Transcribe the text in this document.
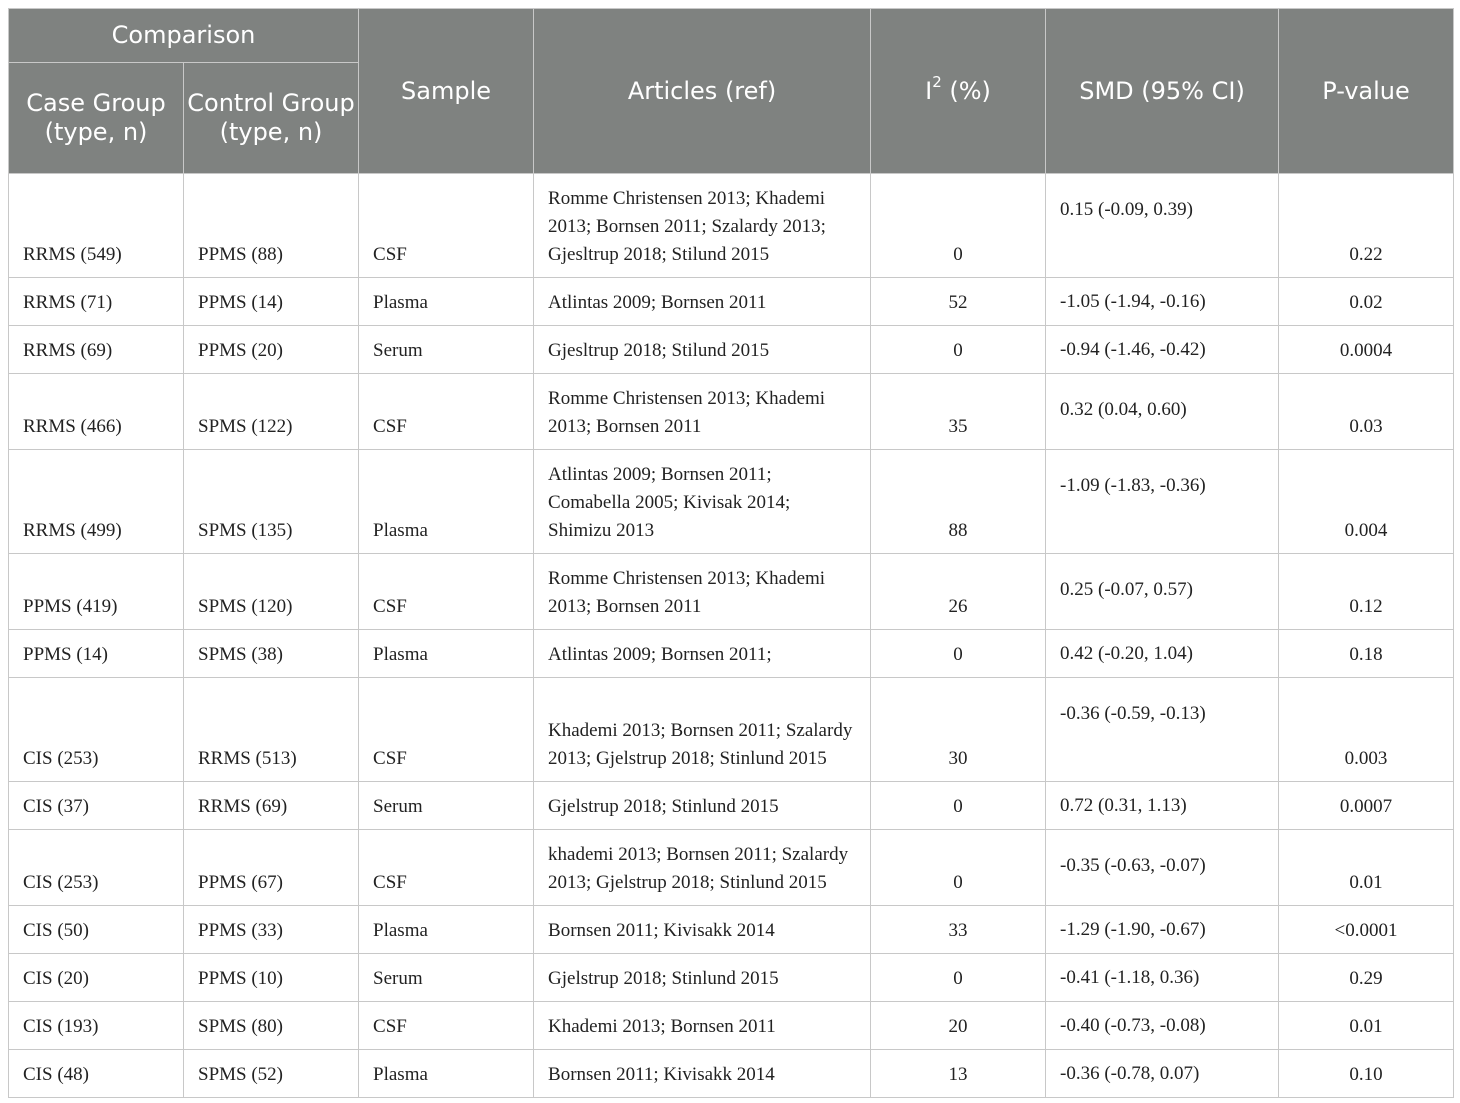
Comparison		Sample	Articles (ref)	$I^2$ (%)	SMD (95% CI)	P-value
Case Group (type, n)	Control Group (type, n)					
RRMS (549)	PPMS (88)	CSF	Romme Christensen 2013; Khademi 2013; Bornsen 2011; Szalardy 2013; Gjesltrup 2018; Stilund 2015	0	0.15 (-0.09, 0.39)	0.22
RRMS (71)	PPMS (14)	Plasma	Atlintas 2009; Bornsen 2011	52	-1.05 (-1.94, -0.16)	0.02
RRMS (69)	PPMS (20)	Serum	Gjesltrup 2018; Stilund 2015	0	-0.94 (-1.46, -0.42)	0.0004
RRMS (466)	SPMS (122)	CSF	Romme Christensen 2013; Khademi 2013; Bornsen 2011	35	0.32 (0.04, 0.60)	0.03
RRMS (499)	SPMS (135)	Plasma	Atlintas 2009; Bornsen 2011; Comabella 2005; Kivisak 2014; Shimizu 2013	88	-1.09 (-1.83, -0.36)	0.004
PPMS (419)	SPMS (120)	CSF	Romme Christensen 2013; Khademi 2013; Bornsen 2011	26	0.25 (-0.07, 0.57)	0.12
PPMS (14)	SPMS (38)	Plasma	Atlintas 2009; Bornsen 2011;	0	0.42 (-0.20, 1.04)	0.18
CIS (253)	RRMS (513)	CSF	Khademi 2013; Bornsen 2011; Szalardy 2013; Gjelstrup 2018; Stinlund 2015	30	-0.36 (-0.59, -0.13)	0.003
CIS (37)	RRMS (69)	Serum	Gjelstrup 2018; Stinlund 2015	0	0.72 (0.31, 1.13)	0.0007
CIS (253)	PPMS (67)	CSF	khademi 2013; Bornsen 2011; Szalardy 2013; Gjelstrup 2018; Stinlund 2015	0	-0.35 (-0.63, -0.07)	0.01
CIS (50)	PPMS (33)	Plasma	Bornsen 2011; Kivisakk 2014	33	-1.29 (-1.90, -0.67)	<0.0001
CIS (20)	PPMS (10)	Serum	Gjelstrup 2018; Stinlund 2015	0	-0.41 (-1.18, 0.36)	0.29
CIS (193)	SPMS (80)	CSF	Khademi 2013; Bornsen 2011	20	-0.40 (-0.73, -0.08)	0.01
CIS (48)	SPMS (52)	Plasma	Bornsen 2011; Kivisakk 2014	13	-0.36 (-0.78, 0.07)	0.10
